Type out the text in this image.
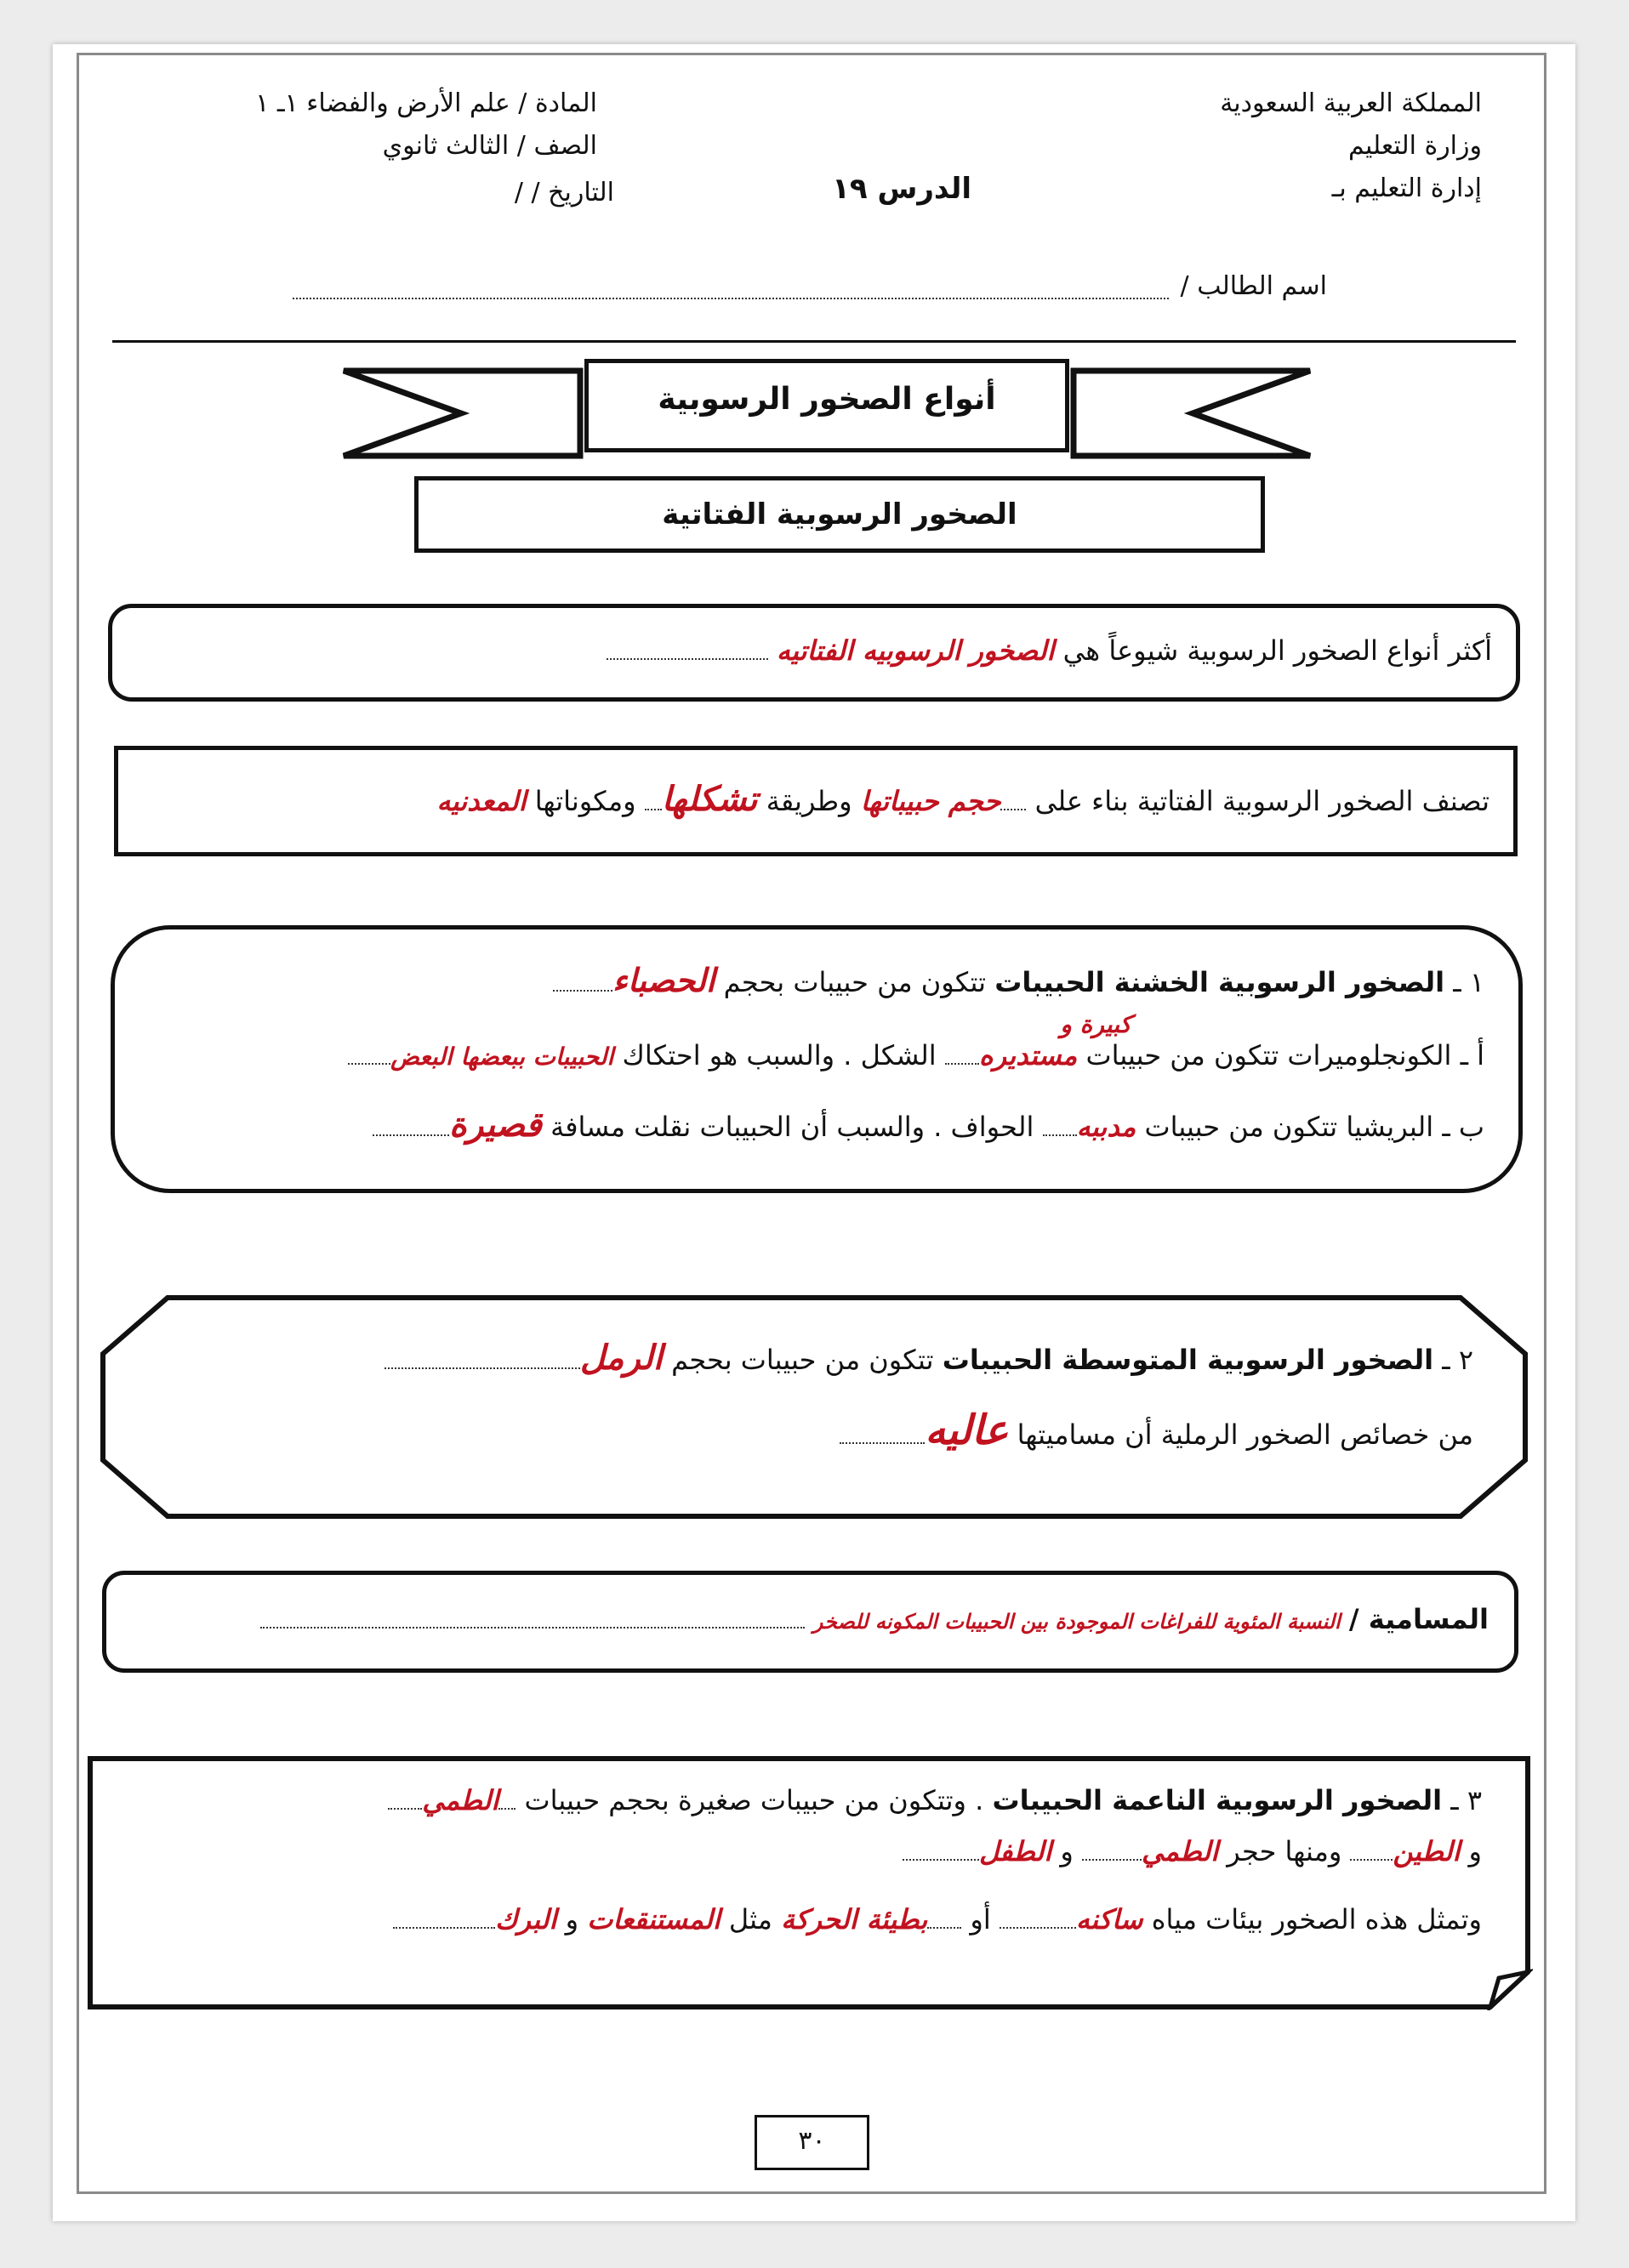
المملكة العربية السعودية
وزارة التعليم
إدارة التعليم بـ
المادة / علم الأرض والفضاء ١ـ ١
الصف / الثالث ثانوي
التاريخ / /	الدرس ١٩
اسم الطالب /
أنواع الصخور الرسوبية
الصخور الرسوبية الفتاتية
أكثر أنواع الصخور الرسوبية شيوعاً هي الصخور الرسوبيه الفتاتيه
تصنف الصخور الرسوبية الفتاتية بناء على حجم حبيباتها وطريقة تشكلها ومكوناتها المعدنيه
١ ـ الصخور الرسوبية الخشنة الحبيبات تتكون من حبيبات بحجم الحصباء
كبيرة و
أ ـ الكونجلوميرات تتكون من حبيبات مستديره الشكل . والسبب هو احتكاك الحبيبات ببعضها البعض
ب ـ البريشيا تتكون من حبيبات مدببه الحواف . والسبب أن الحبيبات نقلت مسافة قصيرة
٢ ـ الصخور الرسوبية المتوسطة الحبيبات تتكون من حبيبات بحجم الرمل
من خصائص الصخور الرملية أن مساميتها عاليه
المسامية / النسبة المئوية للفراغات الموجودة بين الحبيبات المكونه للصخر
٣ ـ الصخور الرسوبية الناعمة الحبيبات . وتتكون من حبيبات صغيرة بحجم حبيبات الطمي
و الطين ومنها حجر الطمي و الطفل
وتمثل هذه الصخور بيئات مياه ساكنه أو بطيئة الحركة مثل المستنقعات و البرك
٣٠
